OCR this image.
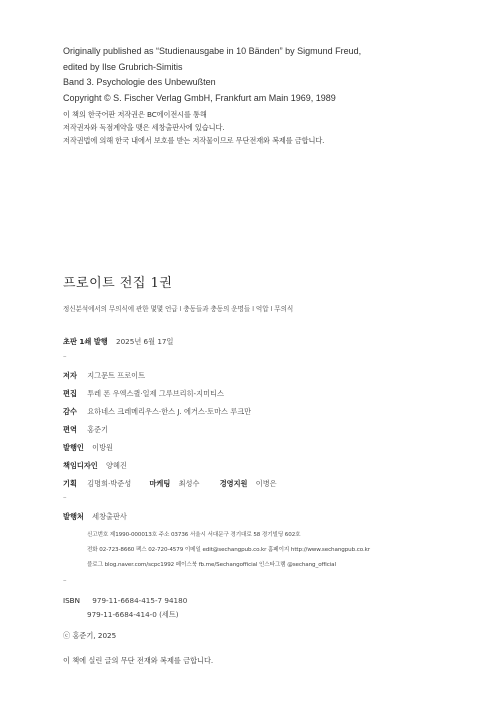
Originally published as “Studienausgabe in 10 Bänden” by Sigmund Freud,
edited by Ilse Grubrich-Simitis
Band 3. Psychologie des Unbewußten
Copyright © S. Fischer Verlag GmbH, Frankfurt am Main 1969, 1989
이 책의 한국어판 저작권은 BC에이전시를 통해
저작권자와 독점계약을 맺은 세창출판사에 있습니다.
저작권법에 의해 한국 내에서 보호를 받는 저작물이므로 무단전재와 복제를 금합니다.
프로이트 전집 1권
정신분석에서의 무의식에 관한 몇몇 언급 ǀ 충동들과 충동의 운명들 ǀ 억압 ǀ 무의식
초판 1쇄 발행 2025년 6월 17일
–
저자 지그문트 프로이트
편집 투레 폰 우엑스퀼·일제 그루브리히-지미티스
감수 요하네스 크레메리우스·한스 J. 에거스·토마스 루크만
편역 홍준기
발행인 이방원
책임디자인 양혜진
기획 김명희·박준성	마케팅 최성수	경영지원 이병은
–
발행처 세창출판사
신고번호 제1990-000013호 주소 03736 서울시 서대문구 경기대로 58 경기빌딩 602호
전화 02-723-8660 팩스 02-720-4579 이메일 edit@sechangpub.co.kr 홈페이지 http://www.sechangpub.co.kr
블로그 blog.naver.com/scpc1992 페이스북 fb.me/Sechangofficial 인스타그램 @sechang_official
–
ISBN 979-11-6684-415-7 94180
979-11-6684-414-0 (세트)
ⓒ 홍준기, 2025
이 책에 실린 글의 무단 전재와 복제를 금합니다.
